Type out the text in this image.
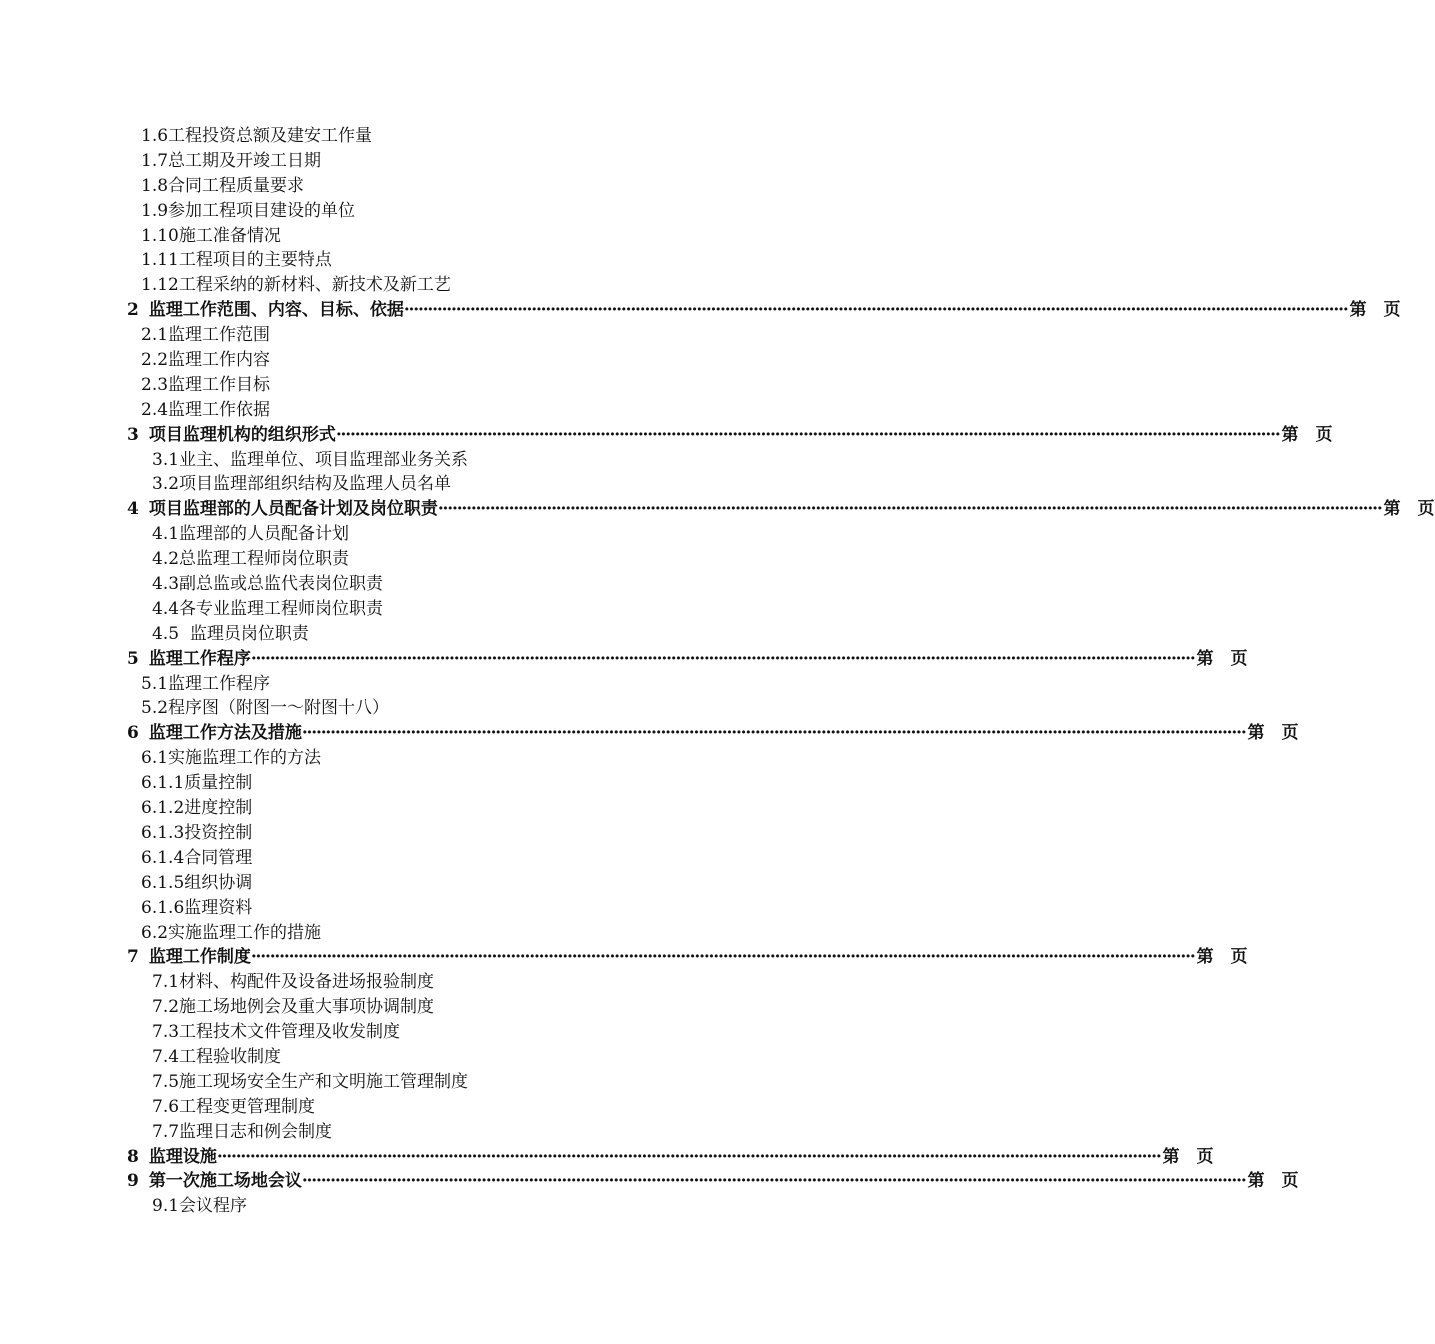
1.6 工程投资总额及建安工作量
1.7 总工期及开竣工日期
1.8 合同工程质量要求
1.9 参加工程项目建设的单位
1.10 施工准备情况
1.11 工程项目的主要特点
1.12 工程采纳的新材料、新技术及新工艺
2 监理工作范围、内容、目标、依据 ········································································································································································································ 第　页
2.1 监理工作范围
2.2 监理工作内容
2.3 监理工作目标
2.4 监理工作依据
3 项目监理机构的组织形式 ········································································································································································································ 第　页
3.1 业主、监理单位、项目监理部业务关系
3.2 项目监理部组织结构及监理人员名单
4 项目监理部的人员配备计划及岗位职责 ········································································································································································································ 第　页
4.1 监理部的人员配备计划
4.2 总监理工程师岗位职责
4.3 副总监或总监代表岗位职责
4.4 各专业监理工程师岗位职责
4.5 监理员岗位职责
5 监理工作程序 ········································································································································································································ 第　页
5.1 监理工作程序
5.2 程序图（附图一～附图十八）
6 监理工作方法及措施 ········································································································································································································ 第　页
6.1 实施监理工作的方法
6.1.1 质量控制
6.1.2 进度控制
6.1.3 投资控制
6.1.4 合同管理
6.1.5 组织协调
6.1.6 监理资料
6.2 实施监理工作的措施
7 监理工作制度 ········································································································································································································ 第　页
7.1 材料、构配件及设备进场报验制度
7.2 施工场地例会及重大事项协调制度
7.3 工程技术文件管理及收发制度
7.4 工程验收制度
7.5 施工现场安全生产和文明施工管理制度
7.6 工程变更管理制度
7.7 监理日志和例会制度
8 监理设施 ········································································································································································································ 第　页
9 第一次施工场地会议 ········································································································································································································ 第　页
9.1 会议程序
